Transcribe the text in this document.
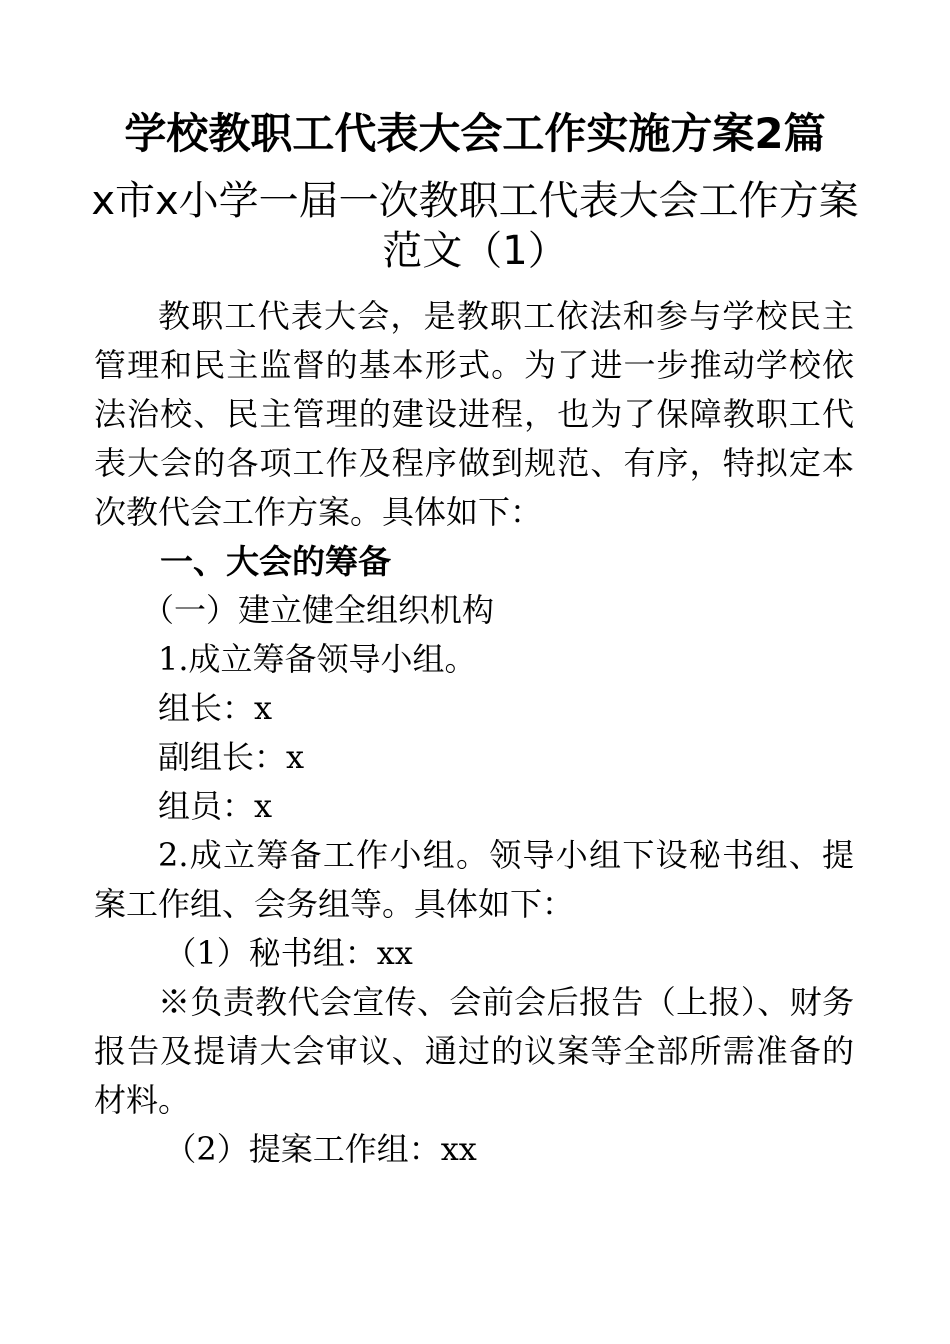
学校教职工代表大会工作实施方案2篇
x市x小学一届一次教职工代表大会工作方案范文（1）

教职工代表大会，是教职工依法和参与学校民主管理和民主监督的基本形式。为了进一步推动学校依法治校、民主管理的建设进程，也为了保障教职工代表大会的各项工作及程序做到规范、有序，特拟定本次教代会工作方案。具体如下：

一、大会的筹备

（一）建立健全组织机构

1.成立筹备领导小组。

组长：x

副组长：x

组员：x

2.成立筹备工作小组。领导小组下设秘书组、提案工作组、会务组等。具体如下：

（1）秘书组：xx

※负责教代会宣传、会前会后报告（上报）、财务报告及提请大会审议、通过的议案等全部所需准备的材料。

（2）提案工作组：xx
